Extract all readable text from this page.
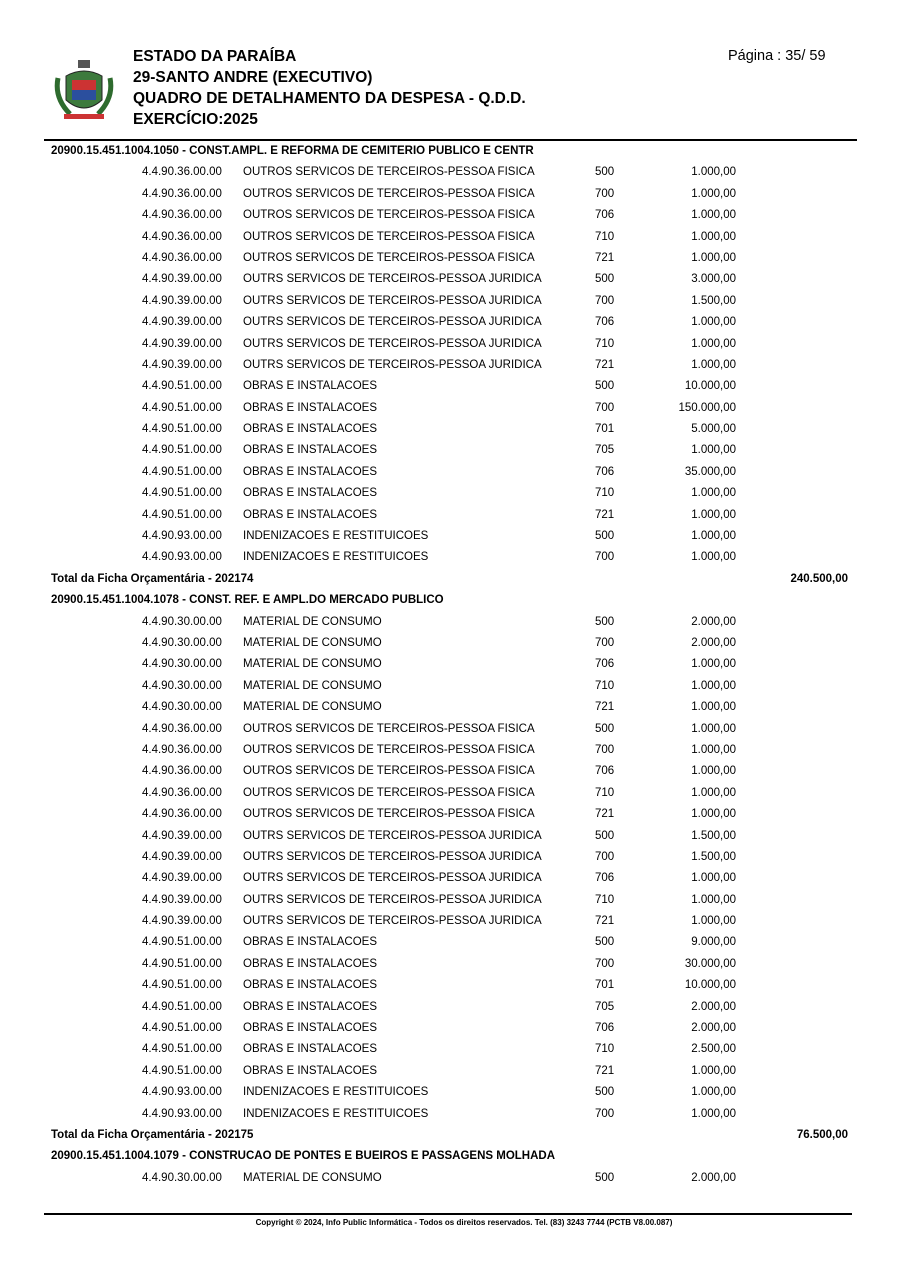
ESTADO DA PARAÍBA
29-SANTO ANDRE (EXECUTIVO)
QUADRO DE DETALHAMENTO DA DESPESA - Q.D.D.
EXERCÍCIO:2025
Página : 35/ 59
20900.15.451.1004.1050 - CONST.AMPL. E REFORMA DE CEMITERIO PUBLICO E CENTR
4.4.90.36.00.00 OUTROS SERVICOS DE TERCEIROS-PESSOA FISICA	500	1.000,00
4.4.90.36.00.00 OUTROS SERVICOS DE TERCEIROS-PESSOA FISICA	700	1.000,00
4.4.90.36.00.00 OUTROS SERVICOS DE TERCEIROS-PESSOA FISICA	706	1.000,00
4.4.90.36.00.00 OUTROS SERVICOS DE TERCEIROS-PESSOA FISICA	710	1.000,00
4.4.90.36.00.00 OUTROS SERVICOS DE TERCEIROS-PESSOA FISICA	721	1.000,00
4.4.90.39.00.00 OUTRS SERVICOS DE TERCEIROS-PESSOA JURIDICA	500	3.000,00
4.4.90.39.00.00 OUTRS SERVICOS DE TERCEIROS-PESSOA JURIDICA	700	1.500,00
4.4.90.39.00.00 OUTRS SERVICOS DE TERCEIROS-PESSOA JURIDICA	706	1.000,00
4.4.90.39.00.00 OUTRS SERVICOS DE TERCEIROS-PESSOA JURIDICA	710	1.000,00
4.4.90.39.00.00 OUTRS SERVICOS DE TERCEIROS-PESSOA JURIDICA	721	1.000,00
4.4.90.51.00.00 OBRAS E INSTALACOES	500	10.000,00
4.4.90.51.00.00 OBRAS E INSTALACOES	700	150.000,00
4.4.90.51.00.00 OBRAS E INSTALACOES	701	5.000,00
4.4.90.51.00.00 OBRAS E INSTALACOES	705	1.000,00
4.4.90.51.00.00 OBRAS E INSTALACOES	706	35.000,00
4.4.90.51.00.00 OBRAS E INSTALACOES	710	1.000,00
4.4.90.51.00.00 OBRAS E INSTALACOES	721	1.000,00
4.4.90.93.00.00 INDENIZACOES E RESTITUICOES	500	1.000,00
4.4.90.93.00.00 INDENIZACOES E RESTITUICOES	700	1.000,00
Total da Ficha Orçamentária - 202174	240.500,00
20900.15.451.1004.1078 - CONST. REF. E AMPL.DO MERCADO PUBLICO
4.4.90.30.00.00 MATERIAL DE CONSUMO	500	2.000,00
4.4.90.30.00.00 MATERIAL DE CONSUMO	700	2.000,00
4.4.90.30.00.00 MATERIAL DE CONSUMO	706	1.000,00
4.4.90.30.00.00 MATERIAL DE CONSUMO	710	1.000,00
4.4.90.30.00.00 MATERIAL DE CONSUMO	721	1.000,00
4.4.90.36.00.00 OUTROS SERVICOS DE TERCEIROS-PESSOA FISICA	500	1.000,00
4.4.90.36.00.00 OUTROS SERVICOS DE TERCEIROS-PESSOA FISICA	700	1.000,00
4.4.90.36.00.00 OUTROS SERVICOS DE TERCEIROS-PESSOA FISICA	706	1.000,00
4.4.90.36.00.00 OUTROS SERVICOS DE TERCEIROS-PESSOA FISICA	710	1.000,00
4.4.90.36.00.00 OUTROS SERVICOS DE TERCEIROS-PESSOA FISICA	721	1.000,00
4.4.90.39.00.00 OUTRS SERVICOS DE TERCEIROS-PESSOA JURIDICA	500	1.500,00
4.4.90.39.00.00 OUTRS SERVICOS DE TERCEIROS-PESSOA JURIDICA	700	1.500,00
4.4.90.39.00.00 OUTRS SERVICOS DE TERCEIROS-PESSOA JURIDICA	706	1.000,00
4.4.90.39.00.00 OUTRS SERVICOS DE TERCEIROS-PESSOA JURIDICA	710	1.000,00
4.4.90.39.00.00 OUTRS SERVICOS DE TERCEIROS-PESSOA JURIDICA	721	1.000,00
4.4.90.51.00.00 OBRAS E INSTALACOES	500	9.000,00
4.4.90.51.00.00 OBRAS E INSTALACOES	700	30.000,00
4.4.90.51.00.00 OBRAS E INSTALACOES	701	10.000,00
4.4.90.51.00.00 OBRAS E INSTALACOES	705	2.000,00
4.4.90.51.00.00 OBRAS E INSTALACOES	706	2.000,00
4.4.90.51.00.00 OBRAS E INSTALACOES	710	2.500,00
4.4.90.51.00.00 OBRAS E INSTALACOES	721	1.000,00
4.4.90.93.00.00 INDENIZACOES E RESTITUICOES	500	1.000,00
4.4.90.93.00.00 INDENIZACOES E RESTITUICOES	700	1.000,00
Total da Ficha Orçamentária - 202175	76.500,00
20900.15.451.1004.1079 - CONSTRUCAO DE PONTES E BUEIROS E PASSAGENS MOLHADA
4.4.90.30.00.00 MATERIAL DE CONSUMO	500	2.000,00
Copyright © 2024, Info Public Informática - Todos os direitos reservados. Tel. (83) 3243 7744 (PCTB V8.00.087)
